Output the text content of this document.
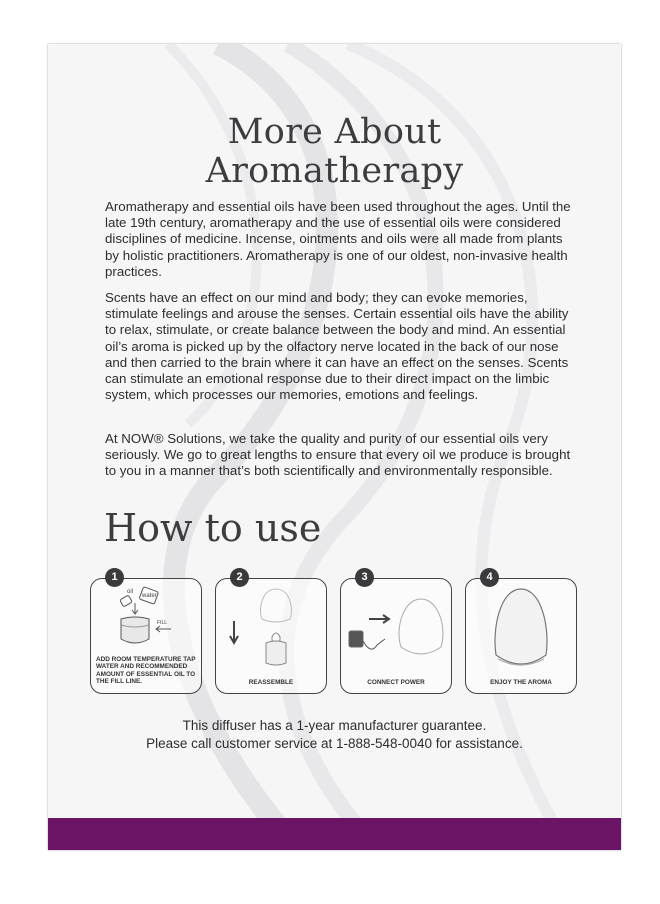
More About
Aromatherapy

Aromatherapy and essential oils have been used throughout the ages. Until the late 19th century, aromatherapy and the use of essential oils were considered disciplines of medicine. Incense, ointments and oils were all made from plants by holistic practitioners. Aromatherapy is one of our oldest, non-invasive health practices.

Scents have an effect on our mind and body; they can evoke memories, stimulate feelings and arouse the senses. Certain essential oils have the ability to relax, stimulate, or create balance between the body and mind. An essential oil’s aroma is picked up by the olfactory nerve located in the back of our nose and then carried to the brain where it can have an effect on the senses. Scents can stimulate an emotional response due to their direct impact on the limbic system, which processes our memories, emotions and feelings.

At NOW® Solutions, we take the quality and purity of our essential oils very seriously. We go to great lengths to ensure that every oil we produce is brought to you in a manner that’s both scientifically and environmentally responsible.

How to use
oil
water
FILL
ADD ROOM TEMPERATURE TAP WATER AND RECOMMENDED AMOUNT OF ESSENTIAL OIL TO THE FILL LINE.
1
REASSEMBLE
2
CONNECT POWER
3
ENJOY THE AROMA
4

This diffuser has a 1-year manufacturer guarantee.

Please call customer service at 1-888-548-0040 for assistance.
